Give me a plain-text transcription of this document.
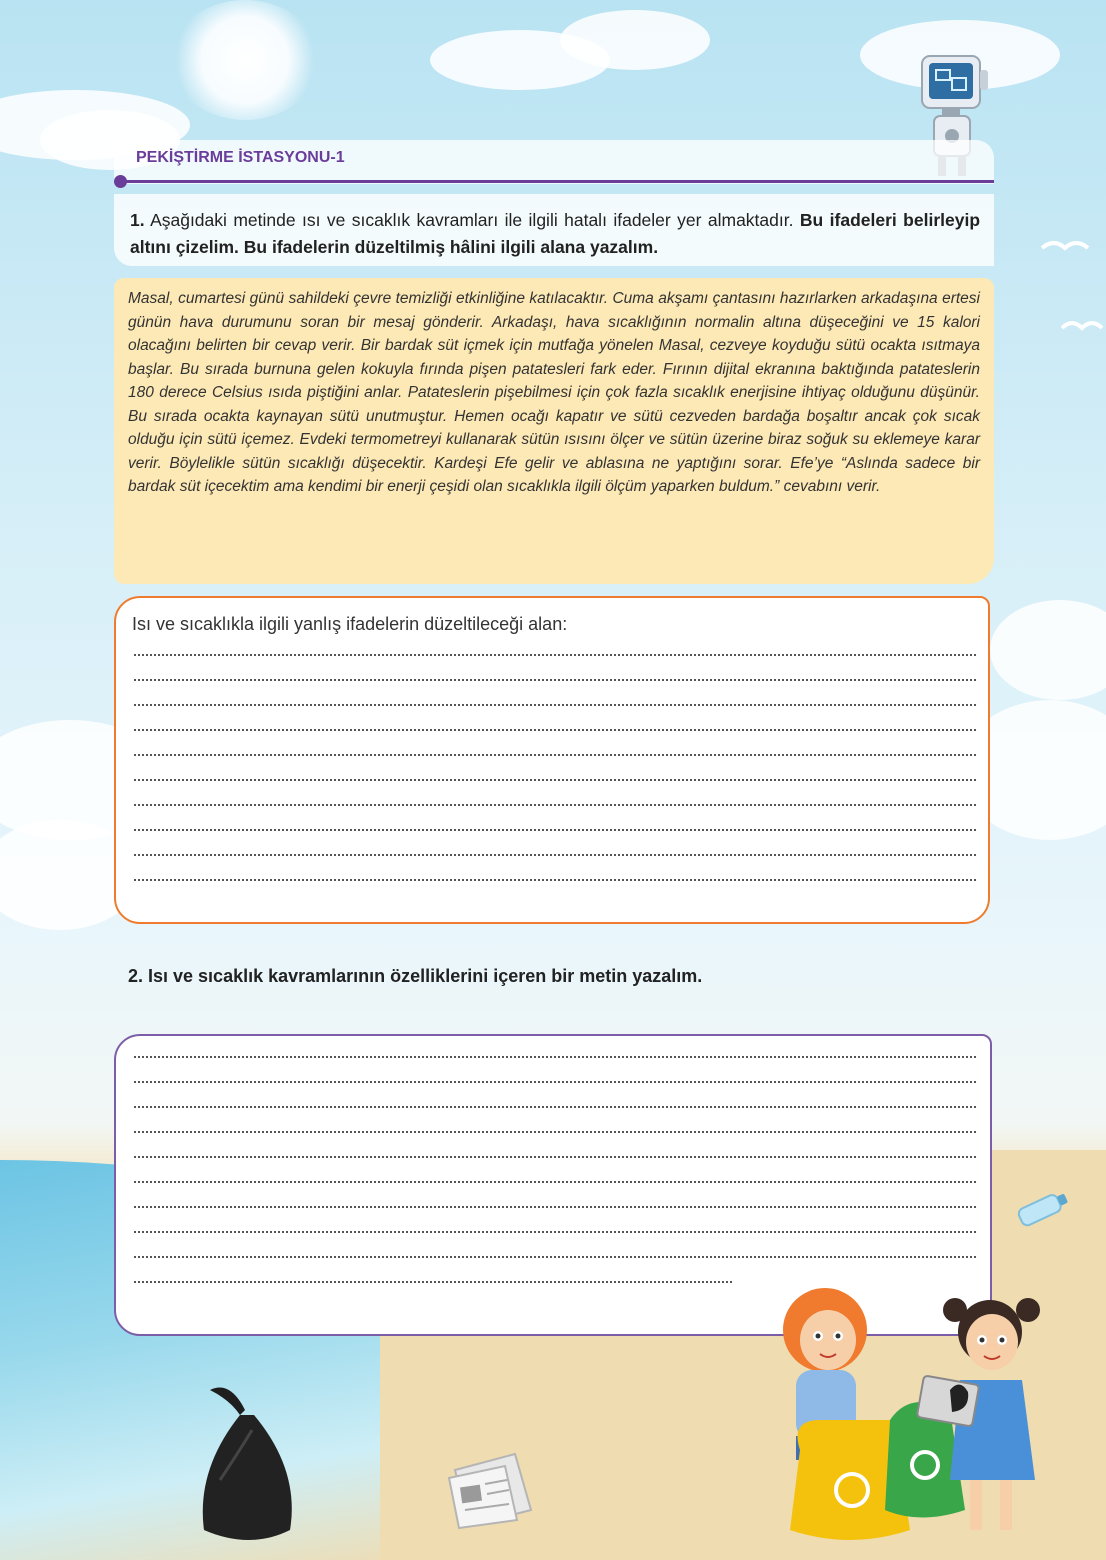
PEKİŞTİRME İSTASYONU-1
1. Aşağıdaki metinde ısı ve sıcaklık kavramları ile ilgili hatalı ifadeler yer almaktadır. Bu ifadeleri belirleyip altını çizelim. Bu ifadelerin düzeltilmiş hâlini ilgili alana yazalım.
Masal, cumartesi günü sahildeki çevre temizliği etkinliğine katılacaktır. Cuma akşamı çantasını hazırlarken arkadaşına ertesi günün hava durumunu soran bir mesaj gönderir. Arkadaşı, hava sıcaklığının normalin altına düşeceğini ve 15 kalori olacağını belirten bir cevap verir. Bir bardak süt içmek için mutfağa yönelen Masal, cezveye koyduğu sütü ocakta ısıtmaya başlar. Bu sırada burnuna gelen kokuyla fırında pişen patatesleri fark eder. Fırının dijital ekranına baktığında patateslerin 180 derece Celsius ısıda piştiğini anlar. Patateslerin pişebilmesi için çok fazla sıcaklık enerjisine ihtiyaç olduğunu düşünür. Bu sırada ocakta kaynayan sütü unutmuştur. Hemen ocağı kapatır ve sütü cezveden bardağa boşaltır ancak çok sıcak olduğu için sütü içemez. Evdeki termometreyi kullanarak sütün ısısını ölçer ve sütün üzerine biraz soğuk su eklemeye karar verir. Böylelikle sütün sıcaklığı düşecektir. Kardeşi Efe gelir ve ablasına ne yaptığını sorar. Efe’ye “Aslında sadece bir bardak süt içecektim ama kendimi bir enerji çeşidi olan sıcaklıkla ilgili ölçüm yaparken buldum.” cevabını verir.
Isı ve sıcaklıkla ilgili yanlış ifadelerin düzeltileceği alan:
2. Isı ve sıcaklık kavramlarının özelliklerini içeren bir metin yazalım.
